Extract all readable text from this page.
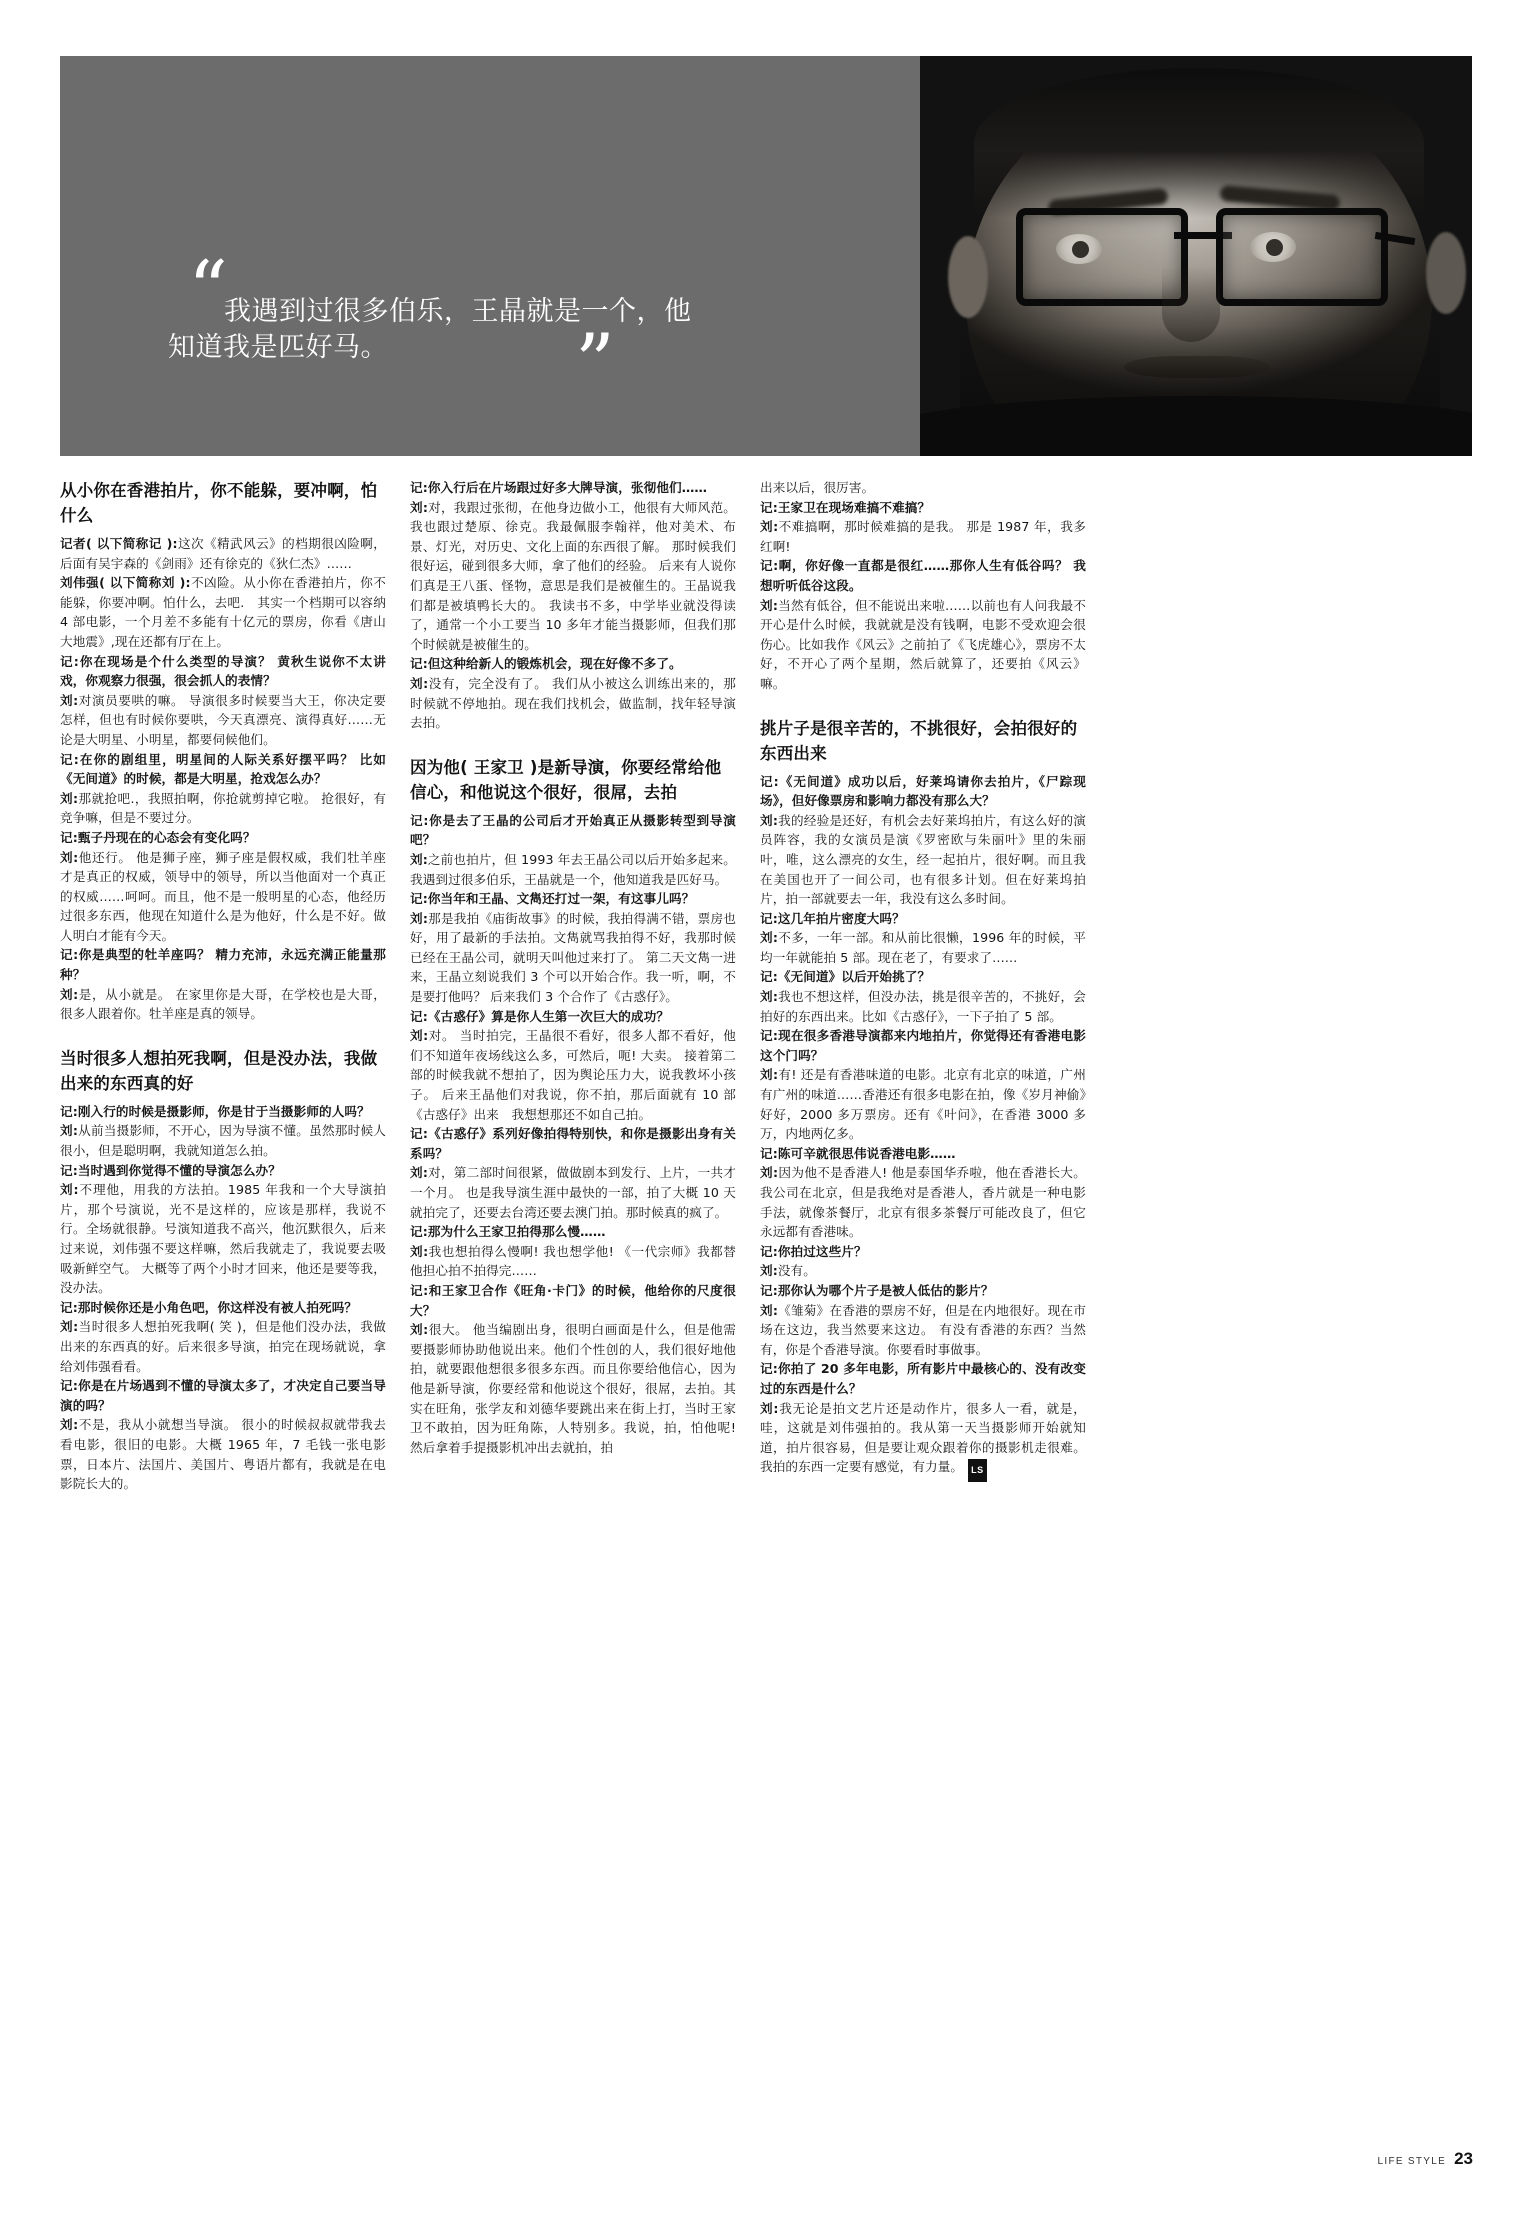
“
我遇到过很多伯乐，王晶就是一个，他知道我是匹好马。	”
从小你在香港拍片，你不能躲，要冲啊，怕什么

记者( 以下简称记 ):这次《精武风云》的档期很凶险啊，后面有吴宇森的《剑雨》还有徐克的《狄仁杰》……

刘伟强( 以下简称刘 ):不凶险。从小你在香港拍片，你不能躲，你要冲啊。怕什么，去吧.　其实一个档期可以容纳 4 部电影，一个月差不多能有十亿元的票房，你看《唐山大地震》,现在还都有厅在上。

记:你在现场是个什么类型的导演？ 黄秋生说你不太讲戏，你观察力很强，很会抓人的表情？

刘:对演员要哄的嘛。 导演很多时候要当大王，你决定要怎样，但也有时候你要哄，今天真漂亮、演得真好……无论是大明星、小明星，都要伺候他们。

记:在你的剧组里，明星间的人际关系好摆平吗？ 比如《无间道》的时候，都是大明星，抢戏怎么办？

刘:那就抢吧.，我照拍啊，你抢就剪掉它啦。 抢很好，有竞争嘛，但是不要过分。

记:甄子丹现在的心态会有变化吗？

刘:他还行。 他是狮子座，狮子座是假权威，我们牡羊座才是真正的权威，领导中的领导，所以当他面对一个真正的权威……呵呵。而且，他不是一般明星的心态，他经历过很多东西，他现在知道什么是为他好，什么是不好。做人明白才能有今天。

记:你是典型的牡羊座吗？ 精力充沛，永远充满正能量那种？

刘:是，从小就是。 在家里你是大哥，在学校也是大哥，很多人跟着你。牡羊座是真的领导。

当时很多人想拍死我啊，但是没办法，我做出来的东西真的好

记:刚入行的时候是摄影师，你是甘于当摄影师的人吗？

刘:从前当摄影师，不开心，因为导演不懂。虽然那时候人很小，但是聪明啊，我就知道怎么拍。

记:当时遇到你觉得不懂的导演怎么办？

刘:不理他，用我的方法拍。1985 年我和一个大导演拍片，那个号演说，光不是这样的，应该是那样，我说不行。全场就很静。号演知道我不高兴，他沉默很久，后来过来说，刘伟强不要这样嘛，然后我就走了，我说要去吸吸新鲜空气。 大概等了两个小时才回来，他还是要等我，没办法。

记:那时候你还是小角色吧，你这样没有被人拍死吗？

刘:当时很多人想拍死我啊( 笑 )，但是他们没办法，我做出来的东西真的好。后来很多导演，拍完在现场就说，拿给刘伟强看看。

记:你是在片场遇到不懂的导演太多了，才决定自己要当导演的吗？

刘:不是，我从小就想当导演。 很小的时候叔叔就带我去看电影，很旧的电影。大概 1965 年，7 毛钱一张电影票，日本片、法国片、美国片、粤语片都有，我就是在电影院长大的。

记:你入行后在片场跟过好多大牌导演，张彻他们……

刘:对，我跟过张彻，在他身边做小工，他很有大师风范。我也跟过楚原、徐克。我最佩服李翰祥，他对美术、布景、灯光，对历史、文化上面的东西很了解。 那时候我们很好运，碰到很多大师，拿了他们的经验。 后来有人说你们真是王八蛋、怪物，意思是我们是被催生的。王晶说我们都是被填鸭长大的。 我读书不多，中学毕业就没得读了，通常一个小工要当 10 多年才能当摄影师，但我们那个时候就是被催生的。

记:但这种给新人的锻炼机会，现在好像不多了。

刘:没有，完全没有了。 我们从小被这么训练出来的，那时候就不停地拍。现在我们找机会，做监制，找年轻导演去拍。

因为他( 王家卫 )是新导演，你要经常给他信心，和他说这个很好，很屌，去拍

记:你是去了王晶的公司后才开始真正从摄影转型到导演吧？

刘:之前也拍片，但 1993 年去王晶公司以后开始多起来。我遇到过很多伯乐，王晶就是一个，他知道我是匹好马。

记:你当年和王晶、文雋还打过一架，有这事儿吗？

刘:那是我拍《庙街故事》的时候，我拍得满不错，票房也好，用了最新的手法拍。文雋就骂我拍得不好，我那时候已经在王晶公司，就明天叫他过来打了。 第二天文雋一进来，王晶立刻说我们 3 个可以开始合作。我一听，啊，不是要打他吗？ 后来我们 3 个合作了《古惑仔》。

记:《古惑仔》算是你人生第一次巨大的成功？

刘:对。 当时拍完，王晶很不看好，很多人都不看好，他们不知道年夜场线这么多，可然后，呃! 大卖。 接着第二部的时候我就不想拍了，因为舆论压力大，说我教坏小孩子。 后来王晶他们对我说，你不拍，那后面就有 10 部《古惑仔》出来　我想想那还不如自己拍。

记:《古惑仔》系列好像拍得特别快，和你是摄影出身有关系吗？

刘:对，第二部时间很紧，做做剧本到发行、上片，一共才一个月。 也是我导演生涯中最快的一部，拍了大概 10 天就拍完了，还要去台湾还要去澳门拍。那时候真的疯了。

记:那为什么王家卫拍得那么慢……

刘:我也想拍得么慢啊! 我也想学他! 《一代宗师》我都替他担心拍不拍得完……

记:和王家卫合作《旺角·卡门》的时候，他给你的尺度很大？

刘:很大。 他当编剧出身，很明白画面是什么，但是他需要摄影师协助他说出来。他们个性创的人，我们很好地他拍，就要跟他想很多很多东西。而且你要给他信心，因为他是新导演，你要经常和他说这个很好，很屌，去拍。其实在旺角，张学友和刘德华要跳出来在街上打，当时王家卫不敢拍，因为旺角陈，人特别多。我说，拍，怕他呢! 然后拿着手提摄影机冲出去就拍，拍

出来以后，很厉害。

记:王家卫在现场难搞不难搞？

刘:不难搞啊，那时候难搞的是我。 那是 1987 年，我多红啊!

记:啊，你好像一直都是很红……那你人生有低谷吗？ 我想听听低谷这段。

刘:当然有低谷，但不能说出来啦……以前也有人问我最不开心是什么时候，我就就是没有钱啊，电影不受欢迎会很伤心。比如我作《风云》之前拍了《飞虎雄心》，票房不太好，不开心了两个星期，然后就算了，还要拍《风云》嘛。

挑片子是很辛苦的，不挑很好，会拍很好的东西出来

记:《无间道》成功以后，好莱坞请你去拍片，《尸踪现场》，但好像票房和影响力都没有那么大？

刘:我的经验是还好，有机会去好莱坞拍片，有这么好的演员阵容，我的女演员是演《罗密欧与朱丽叶》里的朱丽叶，唯，这么漂亮的女生，经一起拍片，很好啊。而且我在美国也开了一间公司，也有很多计划。但在好莱坞拍片，拍一部就要去一年，我没有这么多时间。

记:这几年拍片密度大吗？

刘:不多，一年一部。和从前比很懒，1996 年的时候，平均一年就能拍 5 部。现在老了，有要求了……

记:《无间道》以后开始挑了？

刘:我也不想这样，但没办法，挑是很辛苦的，不挑好，会拍好的东西出来。比如《古惑仔》，一下子拍了 5 部。

记:现在很多香港导演都来内地拍片，你觉得还有香港电影这个门吗？

刘:有! 还是有香港味道的电影。北京有北京的味道，广州有广州的味道……香港还有很多电影在拍，像《岁月神偷》好好，2000 多万票房。还有《叶问》，在香港 3000 多万，内地两亿多。

记:陈可辛就很思伟说香港电影……

刘:因为他不是香港人! 他是泰国华乔啦，他在香港长大。我公司在北京，但是我绝对是香港人，香片就是一种电影手法，就像茶餐厅，北京有很多茶餐厅可能改良了，但它永远都有香港味。

记:你拍过这些片？

刘:没有。

记:那你认为哪个片子是被人低估的影片？

刘:《雏菊》在香港的票房不好，但是在内地很好。现在市场在这边，我当然要来这边。 有没有香港的东西？当然有，你是个香港导演。你要看时事做事。

记:你拍了 20 多年电影，所有影片中最核心的、没有改变过的东西是什么？

刘:我无论是拍文艺片还是动作片，很多人一看，就是，哇，这就是刘伟强拍的。我从第一天当摄影师开始就知道，拍片很容易，但是要让观众跟着你的摄影机走很难。我拍的东西一定要有感觉，有力量。 LS

LIFE STYLE 23
